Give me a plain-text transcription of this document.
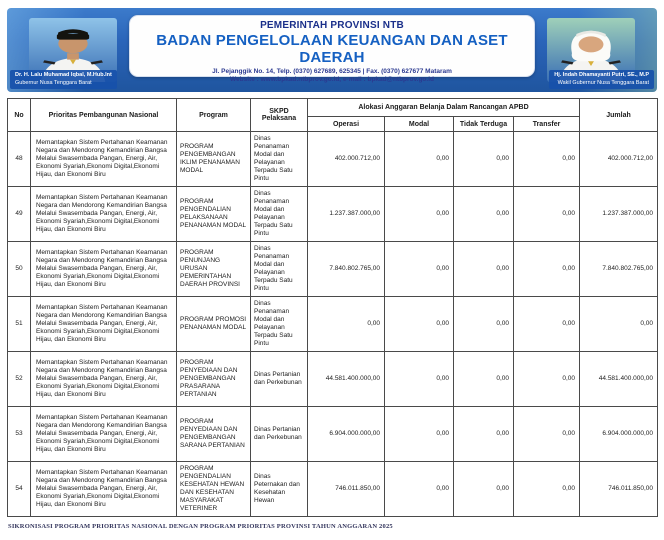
PEMERINTAH PROVINSI NTB
BADAN PENGELOLAAN KEUANGAN DAN ASET DAERAH
Jl. Pejanggik No. 14, Telp. (0370) 627689, 625345 | Fax. (0370) 627677 Mataram
Website : www.bpkad.ntbprov.go.id, e-mail : bpkad@ntbprov.go.id
Dr. H. Lalu Muhamad Iqbal, M.Hub.Int
Gubernur Nusa Tenggara Barat
Hj. Indah Dhamayanti Putri, SE., M.P
Wakil Gubernur Nusa Tenggara Barat
No	Prioritas Pembangunan Nasional	Program	SKPD Pelaksana	Alokasi Anggaran Belanja Dalam Rancangan APBD				Jumlah
				Operasi	Modal	Tidak Terduga	Transfer	
48	Memantapkan Sistem Pertahanan Keamanan Negara dan Mendorong Kemandirian Bangsa Melalui Swasembada Pangan, Energi, Air, Ekonomi Syariah,Ekonomi Digital,Ekonomi Hijau, dan Ekonomi Biru	PROGRAM PENGEMBANGAN IKLIM PENANAMAN MODAL	Dinas Penanaman Modal dan Pelayanan Terpadu Satu Pintu	402.000.712,00	0,00	0,00	0,00	402.000.712,00
49	Memantapkan Sistem Pertahanan Keamanan Negara dan Mendorong Kemandirian Bangsa Melalui Swasembada Pangan, Energi, Air, Ekonomi Syariah,Ekonomi Digital,Ekonomi Hijau, dan Ekonomi Biru	PROGRAM PENGENDALIAN PELAKSANAAN PENANAMAN MODAL	Dinas Penanaman Modal dan Pelayanan Terpadu Satu Pintu	1.237.387.000,00	0,00	0,00	0,00	1.237.387.000,00
50	Memantapkan Sistem Pertahanan Keamanan Negara dan Mendorong Kemandirian Bangsa Melalui Swasembada Pangan, Energi, Air, Ekonomi Syariah,Ekonomi Digital,Ekonomi Hijau, dan Ekonomi Biru	PROGRAM PENUNJANG URUSAN PEMERINTAHAN DAERAH PROVINSI	Dinas Penanaman Modal dan Pelayanan Terpadu Satu Pintu	7.840.802.765,00	0,00	0,00	0,00	7.840.802.765,00
51	Memantapkan Sistem Pertahanan Keamanan Negara dan Mendorong Kemandirian Bangsa Melalui Swasembada Pangan, Energi, Air, Ekonomi Syariah,Ekonomi Digital,Ekonomi Hijau, dan Ekonomi Biru	PROGRAM PROMOSI PENANAMAN MODAL	Dinas Penanaman Modal dan Pelayanan Terpadu Satu Pintu	0,00	0,00	0,00	0,00	0,00
52	Memantapkan Sistem Pertahanan Keamanan Negara dan Mendorong Kemandirian Bangsa Melalui Swasembada Pangan, Energi, Air, Ekonomi Syariah,Ekonomi Digital,Ekonomi Hijau, dan Ekonomi Biru	PROGRAM PENYEDIAAN DAN PENGEMBANGAN PRASARANA PERTANIAN	Dinas Pertanian dan Perkebunan	44.581.400.000,00	0,00	0,00	0,00	44.581.400.000,00
53	Memantapkan Sistem Pertahanan Keamanan Negara dan Mendorong Kemandirian Bangsa Melalui Swasembada Pangan, Energi, Air, Ekonomi Syariah,Ekonomi Digital,Ekonomi Hijau, dan Ekonomi Biru	PROGRAM PENYEDIAAN DAN PENGEMBANGAN SARANA PERTANIAN	Dinas Pertanian dan Perkebunan	6.904.000.000,00	0,00	0,00	0,00	6.904.000.000,00
54	Memantapkan Sistem Pertahanan Keamanan Negara dan Mendorong Kemandirian Bangsa Melalui Swasembada Pangan, Energi, Air, Ekonomi Syariah,Ekonomi Digital,Ekonomi Hijau, dan Ekonomi Biru	PROGRAM PENGENDALIAN KESEHATAN HEWAN DAN KESEHATAN MASYARAKAT VETERINER	Dinas Peternakan dan Kesehatan Hewan	746.011.850,00	0,00	0,00	0,00	746.011.850,00
SIKRONISASI PROGRAM PRIORITAS NASIONAL DENGAN PROGRAM PRIORITAS PROVINSI TAHUN ANGGARAN 2025
